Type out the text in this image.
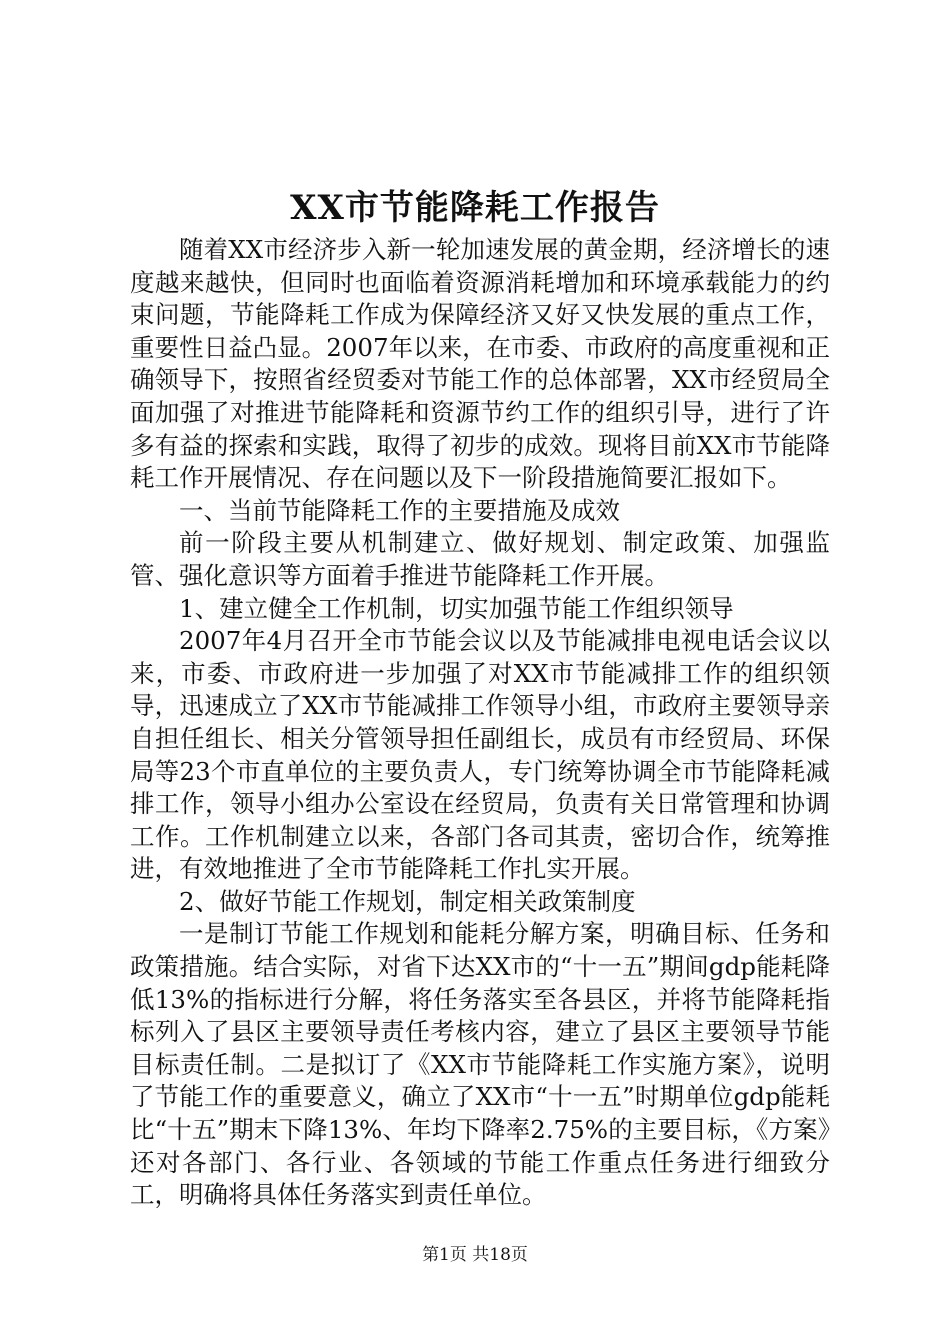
XX市节能降耗工作报告

随着XX市经济步入新一轮加速发展的黄金期，经济增长的速度越来越快，但同时也面临着资源消耗增加和环境承载能力的约束问题，节能降耗工作成为保障经济又好又快发展的重点工作，重要性日益凸显。2007年以来，在市委、市政府的高度重视和正确领导下，按照省经贸委对节能工作的总体部署，XX市经贸局全面加强了对推进节能降耗和资源节约工作的组织引导，进行了许多有益的探索和实践，取得了初步的成效。现将目前XX市节能降耗工作开展情况、存在问题以及下一阶段措施简要汇报如下。

一、当前节能降耗工作的主要措施及成效

前一阶段主要从机制建立、做好规划、制定政策、加强监管、强化意识等方面着手推进节能降耗工作开展。

1、建立健全工作机制，切实加强节能工作组织领导

2007年4月召开全市节能会议以及节能减排电视电话会议以来，市委、市政府进一步加强了对XX市节能减排工作的组织领导，迅速成立了XX市节能减排工作领导小组，市政府主要领导亲自担任组长、相关分管领导担任副组长，成员有市经贸局、环保局等23个市直单位的主要负责人，专门统筹协调全市节能降耗减排工作，领导小组办公室设在经贸局，负责有关日常管理和协调工作。工作机制建立以来，各部门各司其责，密切合作，统筹推进，有效地推进了全市节能降耗工作扎实开展。

2、做好节能工作规划，制定相关政策制度

一是制订节能工作规划和能耗分解方案，明确目标、任务和政策措施。结合实际，对省下达XX市的“十一五”期间gdp能耗降低13%的指标进行分解，将任务落实至各县区，并将节能降耗指标列入了县区主要领导责任考核内容，建立了县区主要领导节能目标责任制。二是拟订了《XX市节能降耗工作实施方案》，说明了节能工作的重要意义，确立了XX市“十一五”时期单位gdp能耗比“十五”期末下降13%、年均下降率2.75%的主要目标，《方案》还对各部门、各行业、各领域的节能工作重点任务进行细致分工，明确将具体任务落实到责任单位。

第1页 共18页
